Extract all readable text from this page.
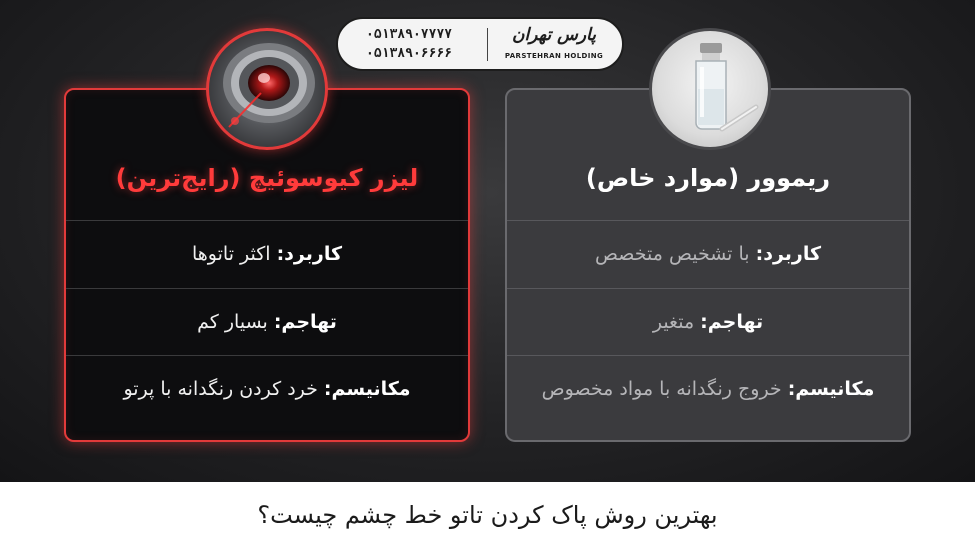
۰۵۱۳۸۹۰۷۷۷۷
۰۵۱۳۸۹۰۶۶۶۶
پارس تهران
PARSTEHRAN HOLDING
لیزر کیوسوئیچ (رایج‌ترین)
کاربرد:
اکثر تاتوها
تهاجم:
بسیار کم
مکانیسم:
خرد کردن رنگدانه با پرتو
ریموور (موارد خاص)
کاربرد:
با تشخیص متخصص
تهاجم:
متغیر
مکانیسم:
خروج رنگدانه با مواد مخصوص
بهترین روش پاک کردن تاتو خط چشم چیست؟
